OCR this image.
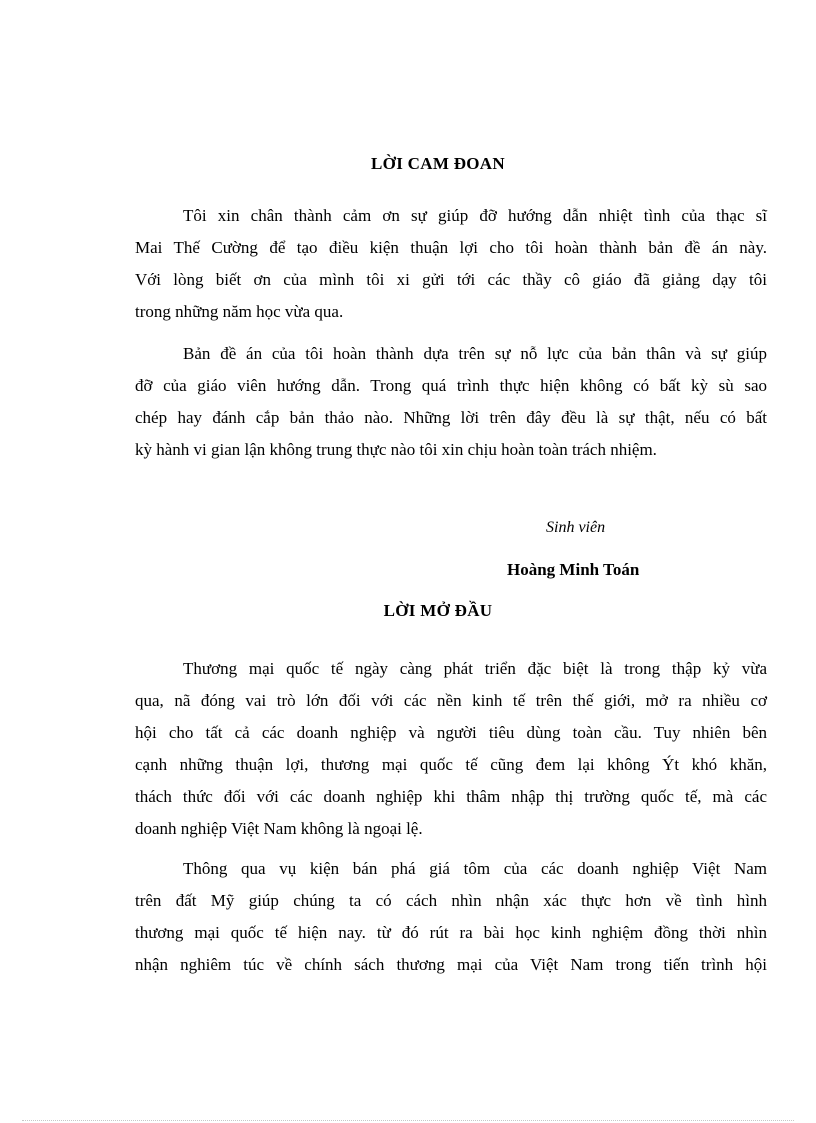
LỜI CAM ĐOAN
Tôi xin chân thành cảm ơn sự giúp đỡ hướng dẫn nhiệt tình của thạc sĩ
Mai Thế Cường để tạo điều kiện thuận lợi cho tôi hoàn thành bản đề án này.
Với lòng biết ơn của mình tôi xi gửi tới các thầy cô giáo đã giảng dạy tôi
trong những năm học vừa qua.
Bản đề án của tôi hoàn thành dựa trên sự nỗ lực của bản thân và sự giúp
đỡ của giáo viên hướng dẫn. Trong quá trình thực hiện không có bất kỳ sù sao
chép hay đánh cắp bản thảo nào. Những lời trên đây đều là sự thật, nếu có bất
kỳ hành vi gian lận không trung thực nào tôi xin chịu hoàn toàn trách nhiệm.
Sinh viên
Hoàng Minh Toán
LỜI MỞ ĐẦU
Thương mại quốc tế ngày càng phát triển đặc biệt là trong thập kỷ vừa
qua, nã đóng vai trò lớn đối với các nền kinh tế trên thế giới, mở ra nhiều cơ
hội cho tất cả các doanh nghiệp và người tiêu dùng toàn cầu. Tuy nhiên bên
cạnh những thuận lợi, thương mại quốc tế cũng đem lại không Ýt khó khăn,
thách thức đối với các doanh nghiệp khi thâm nhập thị trường quốc tế, mà các
doanh nghiệp Việt Nam không là ngoại lệ.
Thông qua vụ kiện bán phá giá tôm của các doanh nghiệp Việt Nam
trên đất Mỹ giúp chúng ta có cách nhìn nhận xác thực hơn về tình hình
thương mại quốc tế hiện nay. từ đó rút ra bài học kinh nghiệm đồng thời nhìn
nhận nghiêm túc về chính sách thương mại của Việt Nam trong tiến trình hội
